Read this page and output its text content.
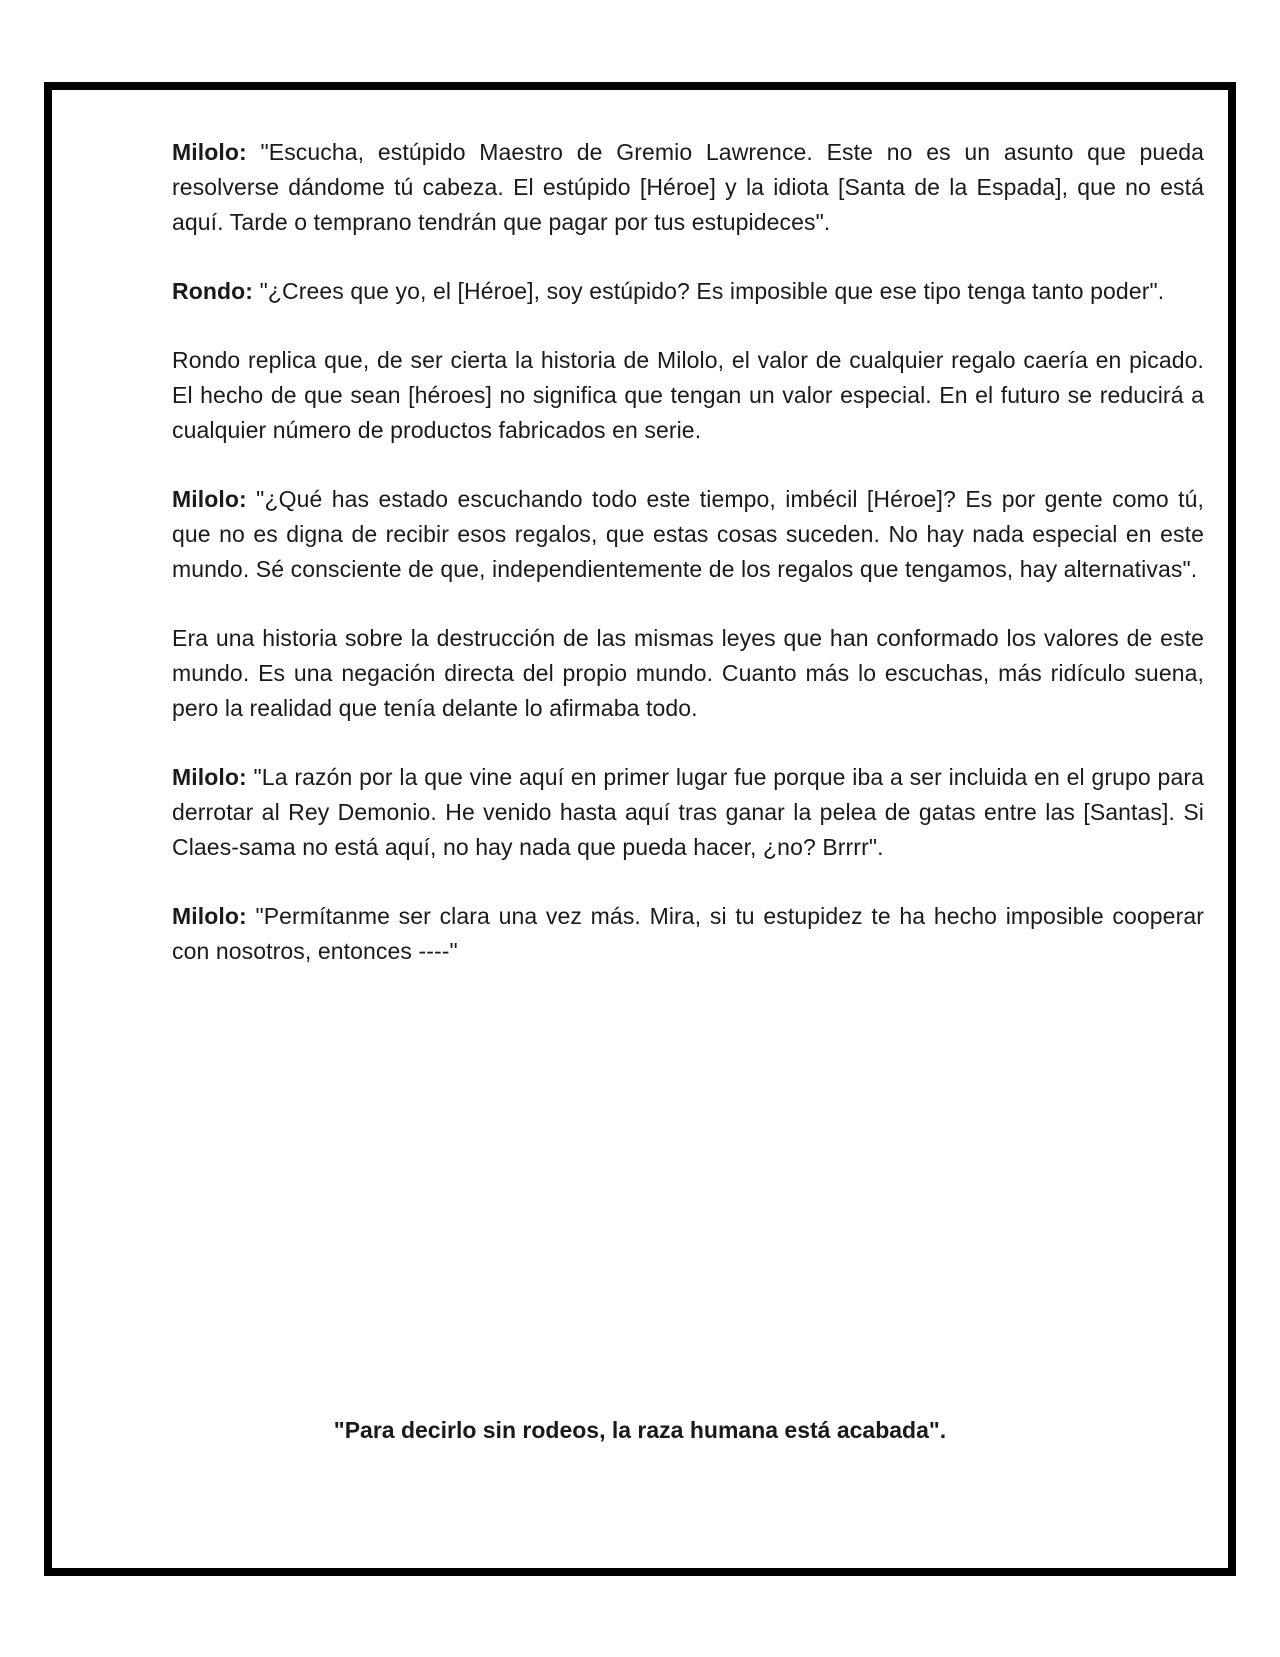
Milolo: "Escucha, estúpido Maestro de Gremio Lawrence. Este no es un asunto que pueda resolverse dándome tú cabeza. El estúpido [Héroe] y la idiota [Santa de la Espada], que no está aquí. Tarde o temprano tendrán que pagar por tus estupideces".

Rondo: "¿Crees que yo, el [Héroe], soy estúpido? Es imposible que ese tipo tenga tanto poder".

Rondo replica que, de ser cierta la historia de Milolo, el valor de cualquier regalo caería en picado. El hecho de que sean [héroes] no significa que tengan un valor especial. En el futuro se reducirá a cualquier número de productos fabricados en serie.

Milolo: "¿Qué has estado escuchando todo este tiempo, imbécil [Héroe]? Es por gente como tú, que no es digna de recibir esos regalos, que estas cosas suceden. No hay nada especial en este mundo. Sé consciente de que, independientemente de los regalos que tengamos, hay alternativas".

Era una historia sobre la destrucción de las mismas leyes que han conformado los valores de este mundo. Es una negación directa del propio mundo. Cuanto más lo escuchas, más ridículo suena, pero la realidad que tenía delante lo afirmaba todo.

Milolo: "La razón por la que vine aquí en primer lugar fue porque iba a ser incluida en el grupo para derrotar al Rey Demonio. He venido hasta aquí tras ganar la pelea de gatas entre las [Santas]. Si Claes-sama no está aquí, no hay nada que pueda hacer, ¿no? Brrrr".

Milolo: "Permítanme ser clara una vez más. Mira, si tu estupidez te ha hecho imposible cooperar con nosotros, entonces ----"

"Para decirlo sin rodeos, la raza humana está acabada".
